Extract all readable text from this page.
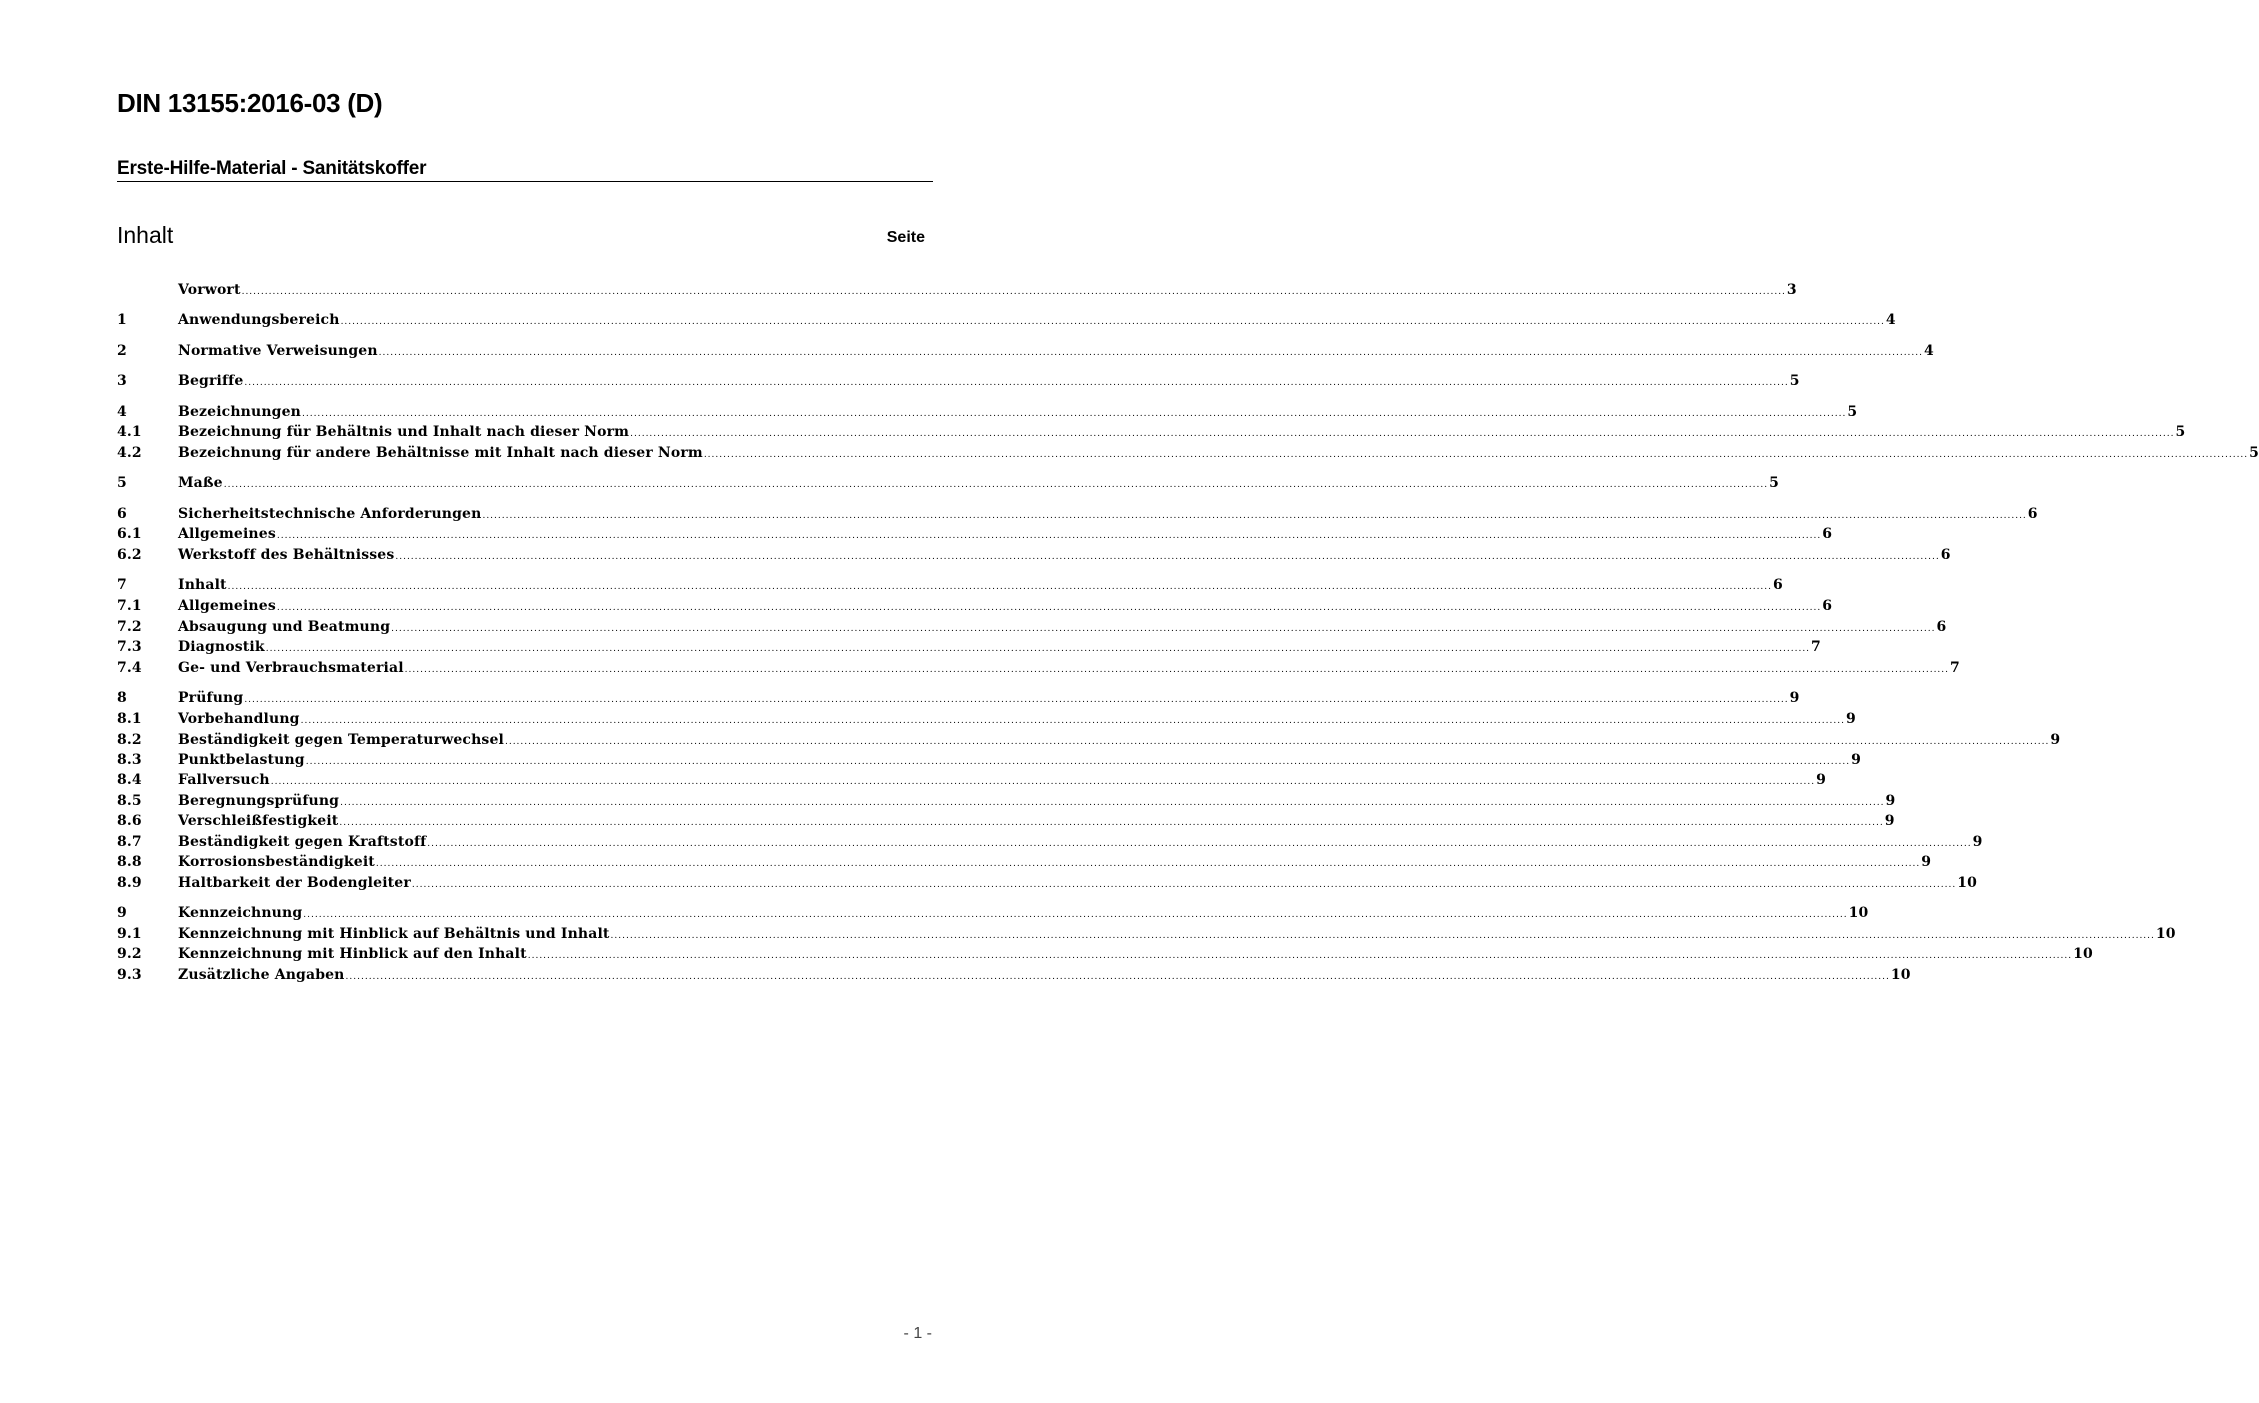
DIN 13155:2016-03 (D)
Erste-Hilfe-Material - Sanitätskoffer
Inhalt	Seite
Vorwort ................................................................................................................................................................................................................................................................................................................................................................................................................ 3
1	Anwendungsbereich ................................................................................................................................................................................................................................................................................................................................................................................................................ 4
2	Normative Verweisungen ................................................................................................................................................................................................................................................................................................................................................................................................................ 4
3	Begriffe ................................................................................................................................................................................................................................................................................................................................................................................................................ 5
4	Bezeichnungen ................................................................................................................................................................................................................................................................................................................................................................................................................ 5
4.1	Bezeichnung für Behältnis und Inhalt nach dieser Norm ................................................................................................................................................................................................................................................................................................................................................................................................................ 5
4.2	Bezeichnung für andere Behältnisse mit Inhalt nach dieser Norm ................................................................................................................................................................................................................................................................................................................................................................................................................ 5
5	Maße ................................................................................................................................................................................................................................................................................................................................................................................................................ 5
6	Sicherheitstechnische Anforderungen ................................................................................................................................................................................................................................................................................................................................................................................................................ 6
6.1	Allgemeines ................................................................................................................................................................................................................................................................................................................................................................................................................ 6
6.2	Werkstoff des Behältnisses ................................................................................................................................................................................................................................................................................................................................................................................................................ 6
7	Inhalt ................................................................................................................................................................................................................................................................................................................................................................................................................ 6
7.1	Allgemeines ................................................................................................................................................................................................................................................................................................................................................................................................................ 6
7.2	Absaugung und Beatmung ................................................................................................................................................................................................................................................................................................................................................................................................................ 6
7.3	Diagnostik ................................................................................................................................................................................................................................................................................................................................................................................................................ 7
7.4	Ge- und Verbrauchsmaterial ................................................................................................................................................................................................................................................................................................................................................................................................................ 7
8	Prüfung ................................................................................................................................................................................................................................................................................................................................................................................................................ 9
8.1	Vorbehandlung ................................................................................................................................................................................................................................................................................................................................................................................................................ 9
8.2	Beständigkeit gegen Temperaturwechsel ................................................................................................................................................................................................................................................................................................................................................................................................................ 9
8.3	Punktbelastung ................................................................................................................................................................................................................................................................................................................................................................................................................ 9
8.4	Fallversuch ................................................................................................................................................................................................................................................................................................................................................................................................................ 9
8.5	Beregnungsprüfung ................................................................................................................................................................................................................................................................................................................................................................................................................ 9
8.6	Verschleißfestigkeit ................................................................................................................................................................................................................................................................................................................................................................................................................ 9
8.7	Beständigkeit gegen Kraftstoff ................................................................................................................................................................................................................................................................................................................................................................................................................ 9
8.8	Korrosionsbeständigkeit ................................................................................................................................................................................................................................................................................................................................................................................................................ 9
8.9	Haltbarkeit der Bodengleiter ................................................................................................................................................................................................................................................................................................................................................................................................................ 10
9	Kennzeichnung ................................................................................................................................................................................................................................................................................................................................................................................................................ 10
9.1	Kennzeichnung mit Hinblick auf Behältnis und Inhalt ................................................................................................................................................................................................................................................................................................................................................................................................................ 10
9.2	Kennzeichnung mit Hinblick auf den Inhalt ................................................................................................................................................................................................................................................................................................................................................................................................................ 10
9.3	Zusätzliche Angaben ................................................................................................................................................................................................................................................................................................................................................................................................................ 10
- 1 -
